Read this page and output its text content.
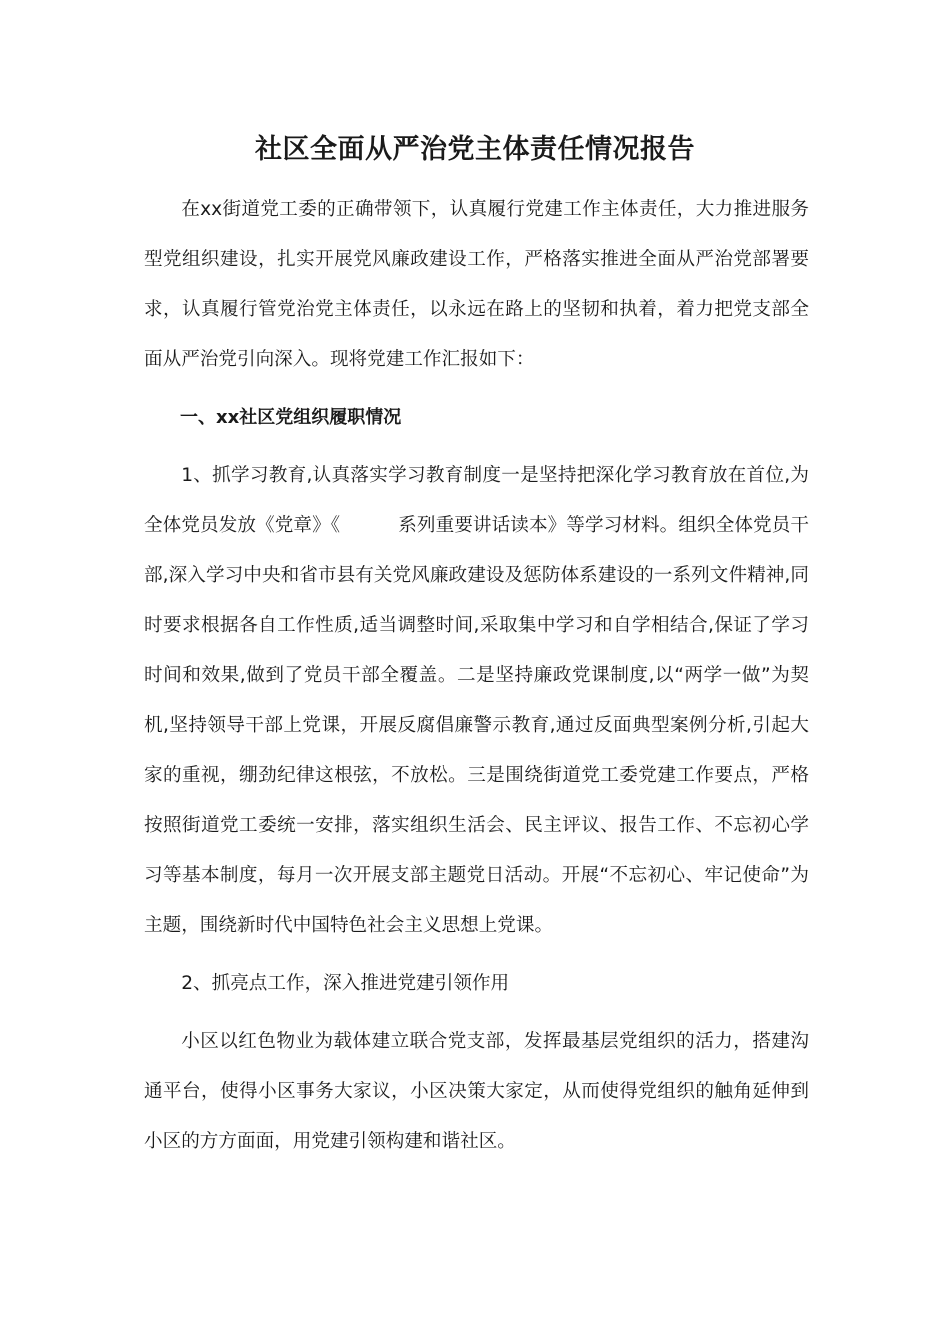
社区全面从严治党主体责任情况报告

在xx街道党工委的正确带领下，认真履行党建工作主体责任，大力推进服务型党组织建设，扎实开展党风廉政建设工作，严格落实推进全面从严治党部署要求，认真履行管党治党主体责任，以永远在路上的坚韧和执着，着力把党支部全面从严治党引向深入。现将党建工作汇报如下：

一、xx社区党组织履职情况

1、抓学习教育,认真落实学习教育制度一是坚持把深化学习教育放在首位,为全体党员发放《党章》《	系列重要讲话读本》等学习材料。组织全体党员干部,深入学习中央和省市县有关党风廉政建设及惩防体系建设的一系列文件精神,同时要求根据各自工作性质,适当调整时间,采取集中学习和自学相结合,保证了学习时间和效果,做到了党员干部全覆盖。二是坚持廉政党课制度,以“两学一做”为契机,坚持领导干部上党课，开展反腐倡廉警示教育,通过反面典型案例分析,引起大家的重视，绷劲纪律这根弦，不放松。三是围绕街道党工委党建工作要点，严格按照街道党工委统一安排，落实组织生活会、民主评议、报告工作、不忘初心学习等基本制度，每月一次开展支部主题党日活动。开展“不忘初心、牢记使命”为主题，围绕新时代中国特色社会主义思想上党课。

2、抓亮点工作，深入推进党建引领作用

小区以红色物业为载体建立联合党支部，发挥最基层党组织的活力，搭建沟通平台，使得小区事务大家议，小区决策大家定，从而使得党组织的触角延伸到小区的方方面面，用党建引领构建和谐社区。
